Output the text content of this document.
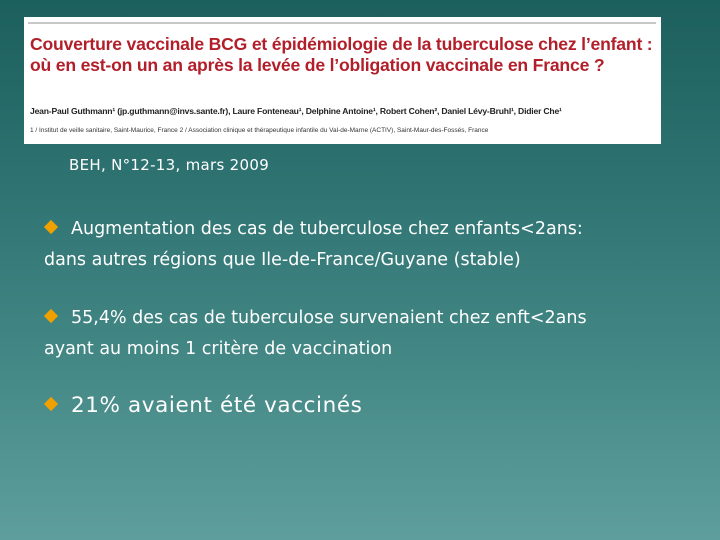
Couverture vaccinale BCG et épidémiologie de la tuberculose chez l’enfant : où en est-on un an après la levée de l’obligation vaccinale en France ?
Jean-Paul Guthmann¹ (jp.guthmann@invs.sante.fr), Laure Fonteneau¹, Delphine Antoine¹, Robert Cohen², Daniel Lévy-Bruhl¹, Didier Che¹
1 / Institut de veille sanitaire, Saint-Maurice, France 2 / Association clinique et thérapeutique infantile du Val-de-Marne (ACTIV), Saint-Maur-des-Fossés, France
BEH, N°12-13, mars 2009
Augmentation des cas de tuberculose chez enfants<2ans:
dans autres régions que Ile-de-France/Guyane (stable)
55,4% des cas de tuberculose survenaient chez enft<2ans
ayant au moins 1 critère de vaccination
21% avaient été vaccinés
